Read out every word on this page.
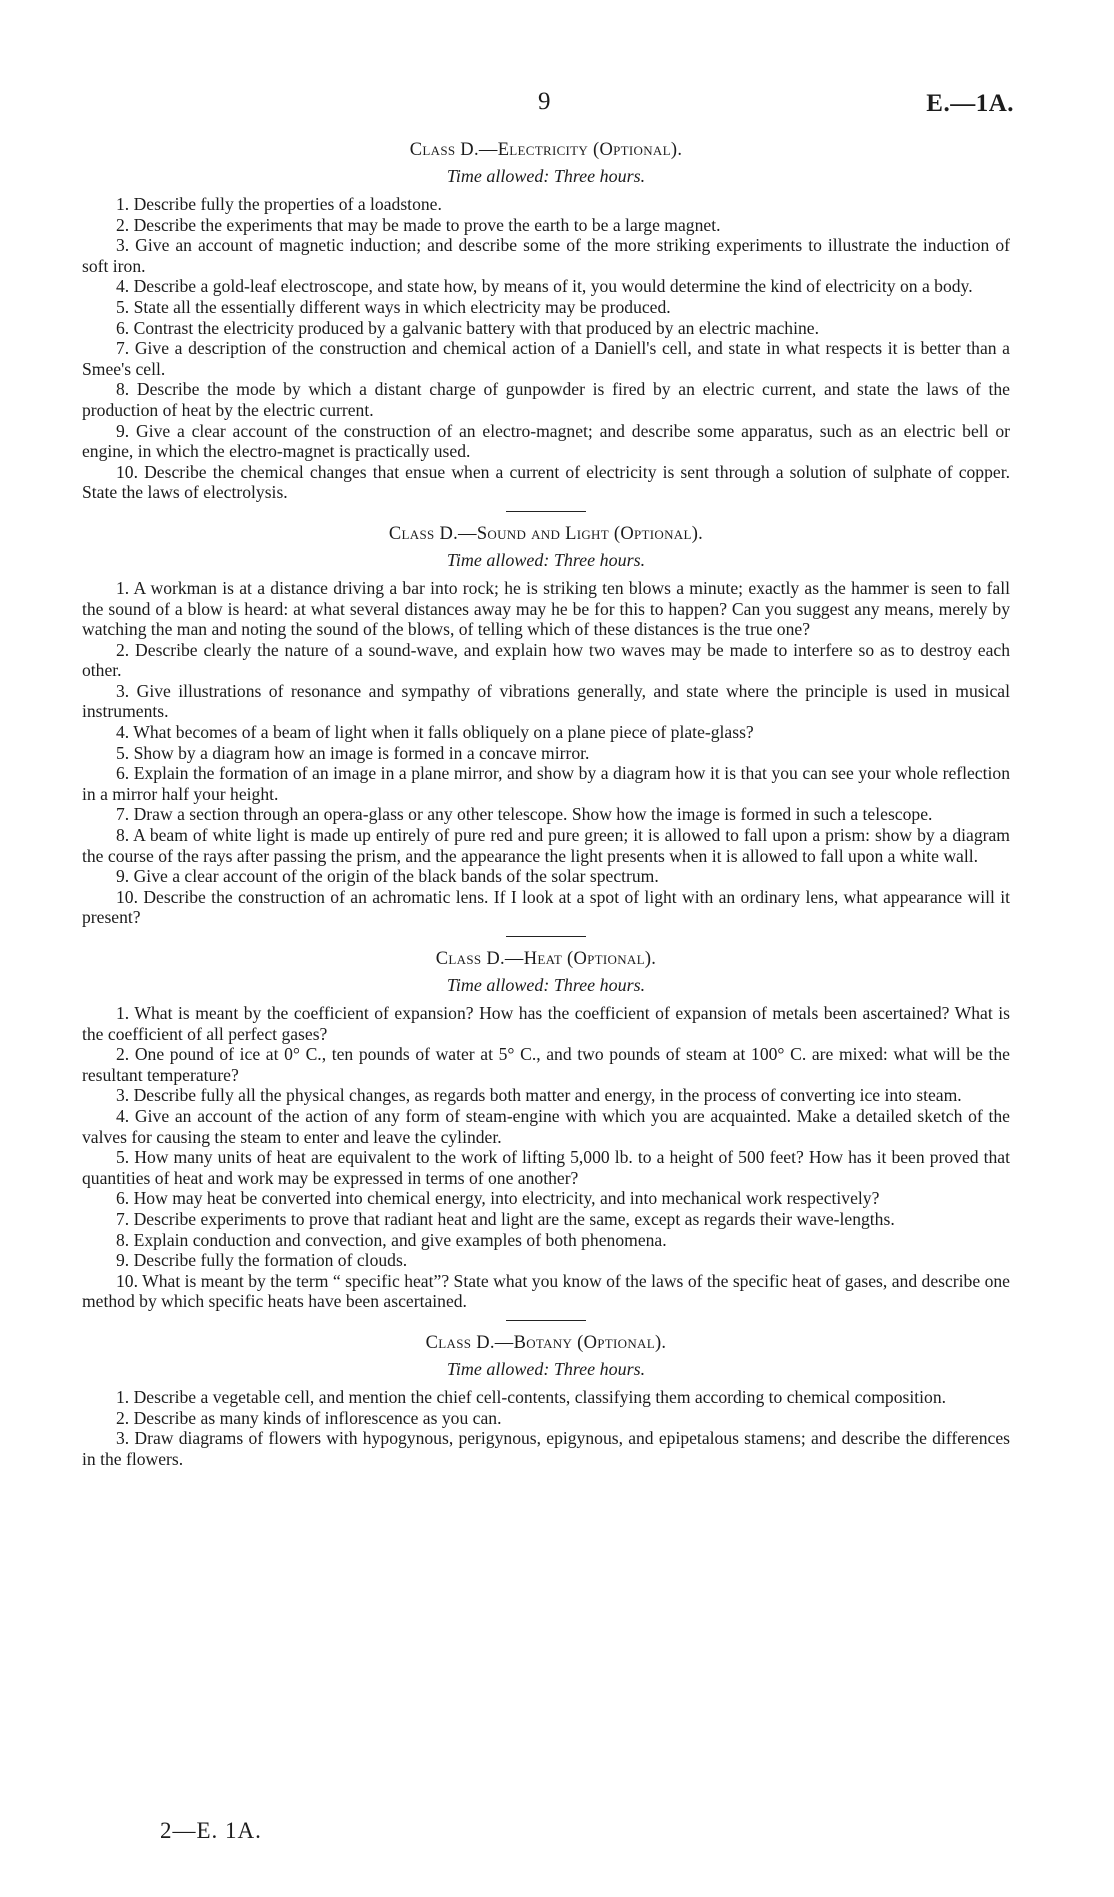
9	E.—1A.
Class D.—Electricity (Optional).
Time allowed: Three hours.

1. Describe fully the properties of a loadstone.

2. Describe the experiments that may be made to prove the earth to be a large magnet.

3. Give an account of magnetic induction; and describe some of the more striking experiments to illustrate the induction of soft iron.

4. Describe a gold-leaf electroscope, and state how, by means of it, you would determine the kind of electricity on a body.

5. State all the essentially different ways in which electricity may be produced.

6. Contrast the electricity produced by a galvanic battery with that produced by an electric machine.

7. Give a description of the construction and chemical action of a Daniell's cell, and state in what respects it is better than a Smee's cell.

8. Describe the mode by which a distant charge of gunpowder is fired by an electric current, and state the laws of the production of heat by the electric current.

9. Give a clear account of the construction of an electro-magnet; and describe some apparatus, such as an electric bell or engine, in which the electro-magnet is practically used.

10. Describe the chemical changes that ensue when a current of electricity is sent through a solution of sulphate of copper. State the laws of electrolysis.

Class D.—Sound and Light (Optional).
Time allowed: Three hours.

1. A workman is at a distance driving a bar into rock; he is striking ten blows a minute; exactly as the hammer is seen to fall the sound of a blow is heard: at what several distances away may he be for this to happen? Can you suggest any means, merely by watching the man and noting the sound of the blows, of telling which of these distances is the true one?

2. Describe clearly the nature of a sound-wave, and explain how two waves may be made to interfere so as to destroy each other.

3. Give illustrations of resonance and sympathy of vibrations generally, and state where the principle is used in musical instruments.

4. What becomes of a beam of light when it falls obliquely on a plane piece of plate-glass?

5. Show by a diagram how an image is formed in a concave mirror.

6. Explain the formation of an image in a plane mirror, and show by a diagram how it is that you can see your whole reflection in a mirror half your height.

7. Draw a section through an opera-glass or any other telescope. Show how the image is formed in such a telescope.

8. A beam of white light is made up entirely of pure red and pure green; it is allowed to fall upon a prism: show by a diagram the course of the rays after passing the prism, and the appearance the light presents when it is allowed to fall upon a white wall.

9. Give a clear account of the origin of the black bands of the solar spectrum.

10. Describe the construction of an achromatic lens. If I look at a spot of light with an ordinary lens, what appearance will it present?

Class D.—Heat (Optional).
Time allowed: Three hours.

1. What is meant by the coefficient of expansion? How has the coefficient of expansion of metals been ascertained? What is the coefficient of all perfect gases?

2. One pound of ice at 0° C., ten pounds of water at 5° C., and two pounds of steam at 100° C. are mixed: what will be the resultant temperature?

3. Describe fully all the physical changes, as regards both matter and energy, in the process of converting ice into steam.

4. Give an account of the action of any form of steam-engine with which you are acquainted. Make a detailed sketch of the valves for causing the steam to enter and leave the cylinder.

5. How many units of heat are equivalent to the work of lifting 5,000 lb. to a height of 500 feet? How has it been proved that quantities of heat and work may be expressed in terms of one another?

6. How may heat be converted into chemical energy, into electricity, and into mechanical work respectively?

7. Describe experiments to prove that radiant heat and light are the same, except as regards their wave-lengths.

8. Explain conduction and convection, and give examples of both phenomena.

9. Describe fully the formation of clouds.

10. What is meant by the term “ specific heat”? State what you know of the laws of the specific heat of gases, and describe one method by which specific heats have been ascertained.

Class D.—Botany (Optional).
Time allowed: Three hours.

1. Describe a vegetable cell, and mention the chief cell-contents, classifying them according to chemical composition.

2. Describe as many kinds of inflorescence as you can.

3. Draw diagrams of flowers with hypogynous, perigynous, epigynous, and epipetalous stamens; and describe the differences in the flowers.

2—E. 1A.
